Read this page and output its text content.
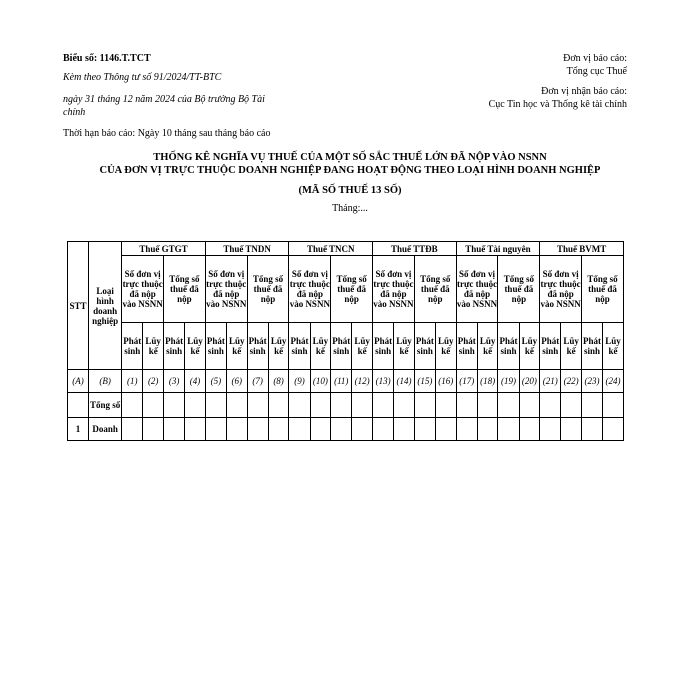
Biểu số: 1146.T.TCT
Kèm theo Thông tư số 91/2024/TT-BTC
ngày 31 tháng 12 năm 2024 của Bộ trưởng Bộ Tài
chính
Thời hạn báo cáo: Ngày 10 tháng sau tháng báo cáo
Đơn vị báo cáo:
Tổng cục Thuế
Đơn vị nhận báo cáo:
Cục Tin học và Thống kê tài chính
THỐNG KÊ NGHĨA VỤ THUẾ CỦA MỘT SỐ SẮC THUẾ LỚN ĐÃ NỘP VÀO NSNN
CỦA ĐƠN VỊ TRỰC THUỘC DOANH NGHIỆP ĐANG HOẠT ĐỘNG THEO LOẠI HÌNH DOANH NGHIỆP
(MÃ SỐ THUẾ 13 SỐ)
Tháng:...
STT	Loại hình doanh nghiệp	Thuế GTGT				Thuế TNDN				Thuế TNCN				Thuế TTĐB				Thuế Tài nguyên				Thuế BVMT			
		Số đơn vị trực thuộc đã nộp vào NSNN		Tổng số thuế đã nộp		Số đơn vị trực thuộc đã nộp vào NSNN		Tổng số thuế đã nộp		Số đơn vị trực thuộc đã nộp vào NSNN		Tổng số thuế đã nộp		Số đơn vị trực thuộc đã nộp vào NSNN		Tổng số thuế đã nộp		Số đơn vị trực thuộc đã nộp vào NSNN		Tổng số thuế đã nộp		Số đơn vị trực thuộc đã nộp vào NSNN		Tổng số thuế đã nộp	
		Phát sinh	Lũy kế	Phát sinh	Lũy kế	Phát sinh	Lũy kế	Phát sinh	Lũy kế	Phát sinh	Lũy kế	Phát sinh	Lũy kế	Phát sinh	Lũy kế	Phát sinh	Lũy kế	Phát sinh	Lũy kế	Phát sinh	Lũy kế	Phát sinh	Lũy kế	Phát sinh	Lũy kế
(A)	(B)	(1)	(2)	(3)	(4)	(5)	(6)	(7)	(8)	(9)	(10)	(11)	(12)	(13)	(14)	(15)	(16)	(17)	(18)	(19)	(20)	(21)	(22)	(23)	(24)
	Tổng số																								
1	Doanh																								
